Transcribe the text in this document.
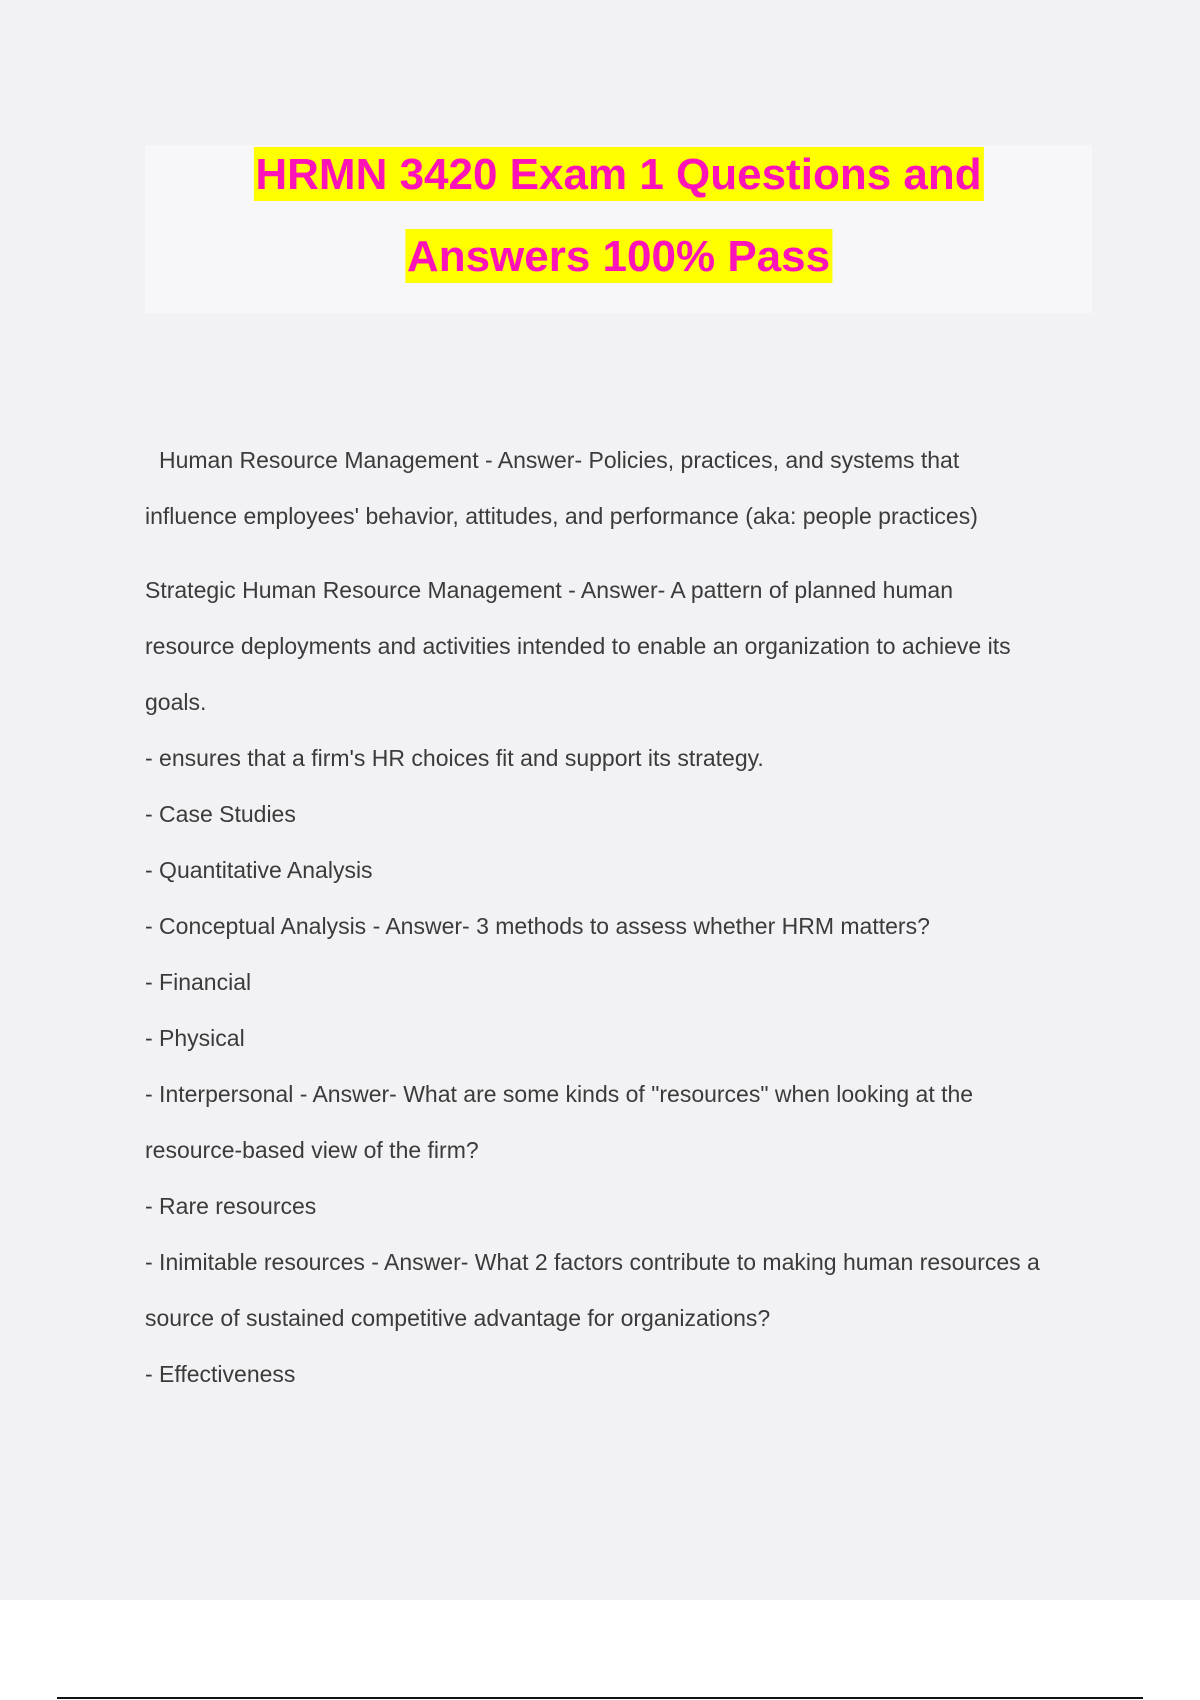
HRMN 3420 Exam 1 Questions and
Answers 100% Pass

Human Resource Management - Answer- Policies, practices, and systems that

influence employees' behavior, attitudes, and performance (aka: people practices)

Strategic Human Resource Management - Answer- A pattern of planned human

resource deployments and activities intended to enable an organization to achieve its

goals.

- ensures that a firm's HR choices fit and support its strategy.

- Case Studies

- Quantitative Analysis

- Conceptual Analysis - Answer- 3 methods to assess whether HRM matters?

- Financial

- Physical

- Interpersonal - Answer- What are some kinds of "resources" when looking at the

resource-based view of the firm?

- Rare resources

- Inimitable resources - Answer- What 2 factors contribute to making human resources a

source of sustained competitive advantage for organizations?

- Effectiveness
